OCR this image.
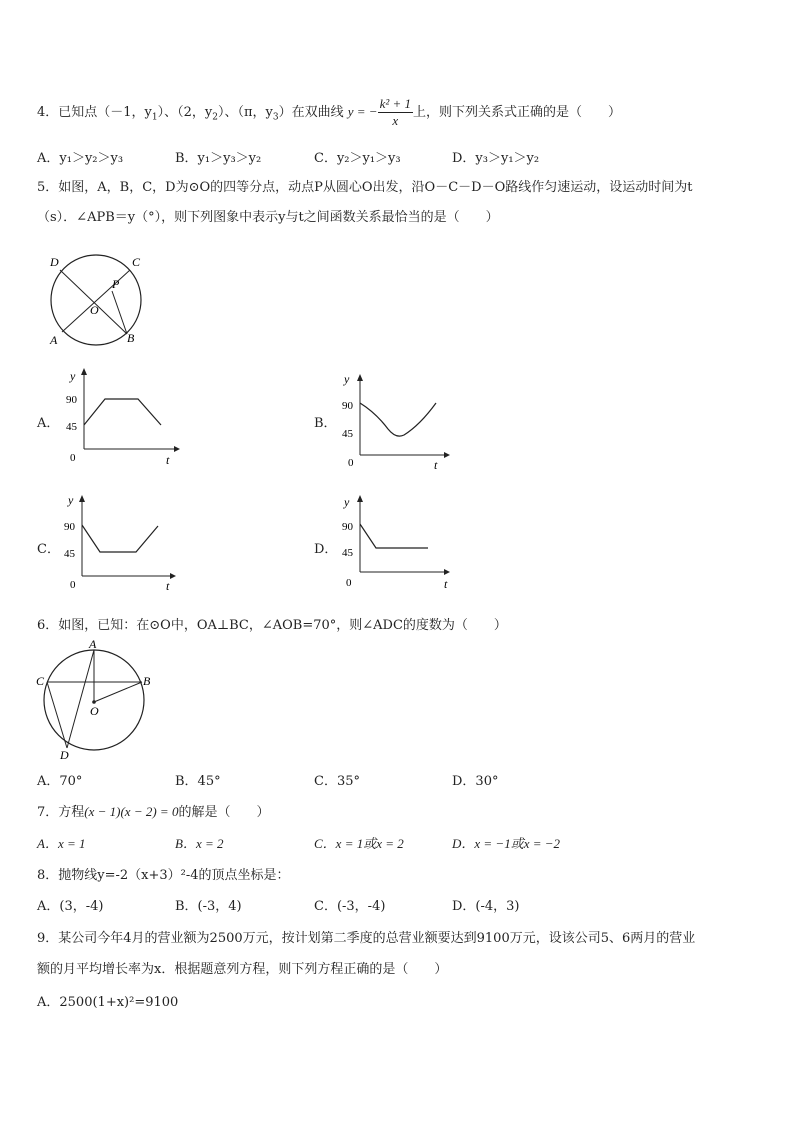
4．已知点（－1，$y_1$）、（2，$y_2$）、（π，$y_3$）在双曲线 y = − $\frac{\text{k² + 1}}{x}$ 上，则下列关系式正确的是（　　）
A．y₁＞y₂＞y₃	B．y₁＞y₃＞y₂	C．y₂＞y₁＞y₃	D．y₃＞y₁＞y₂
5．如图，A，B，C，D为⊙O的四等分点，动点P从圆心O出发，沿O－C－D－O路线作匀速运动，设运动时间为t
（s）．∠APB＝y（°），则下列图象中表示y与t之间函数关系最恰当的是（　　）
D	C
P
O
A	B
A．
y
t
0
90
45	B．
y
t
0
90
45
C．
y
t
0
90
45	D．
y
t
0
90
45
6．如图，已知：在⊙O中，OA⊥BC，∠AOB=70°，则∠ADC的度数为（　　）
A
B
C
O
D
A．70°	B．45°	C．35°	D．30°
7．方程(x − 1)(x − 2) = 0的解是（　　）
A．x = 1	B．x = 2	C．x = 1或x = 2	D．x = −1或x = −2
8．抛物线y=-2（x+3）²-4的顶点坐标是：
A．(3，-4)	B．(-3，4)	C．(-3，-4)	D．(-4，3)
9．某公司今年4月的营业额为2500万元，按计划第二季度的总营业额要达到9100万元，设该公司5、6两月的营业
额的月平均增长率为x．根据题意列方程，则下列方程正确的是（　　）
A．2500(1+x)²=9100
